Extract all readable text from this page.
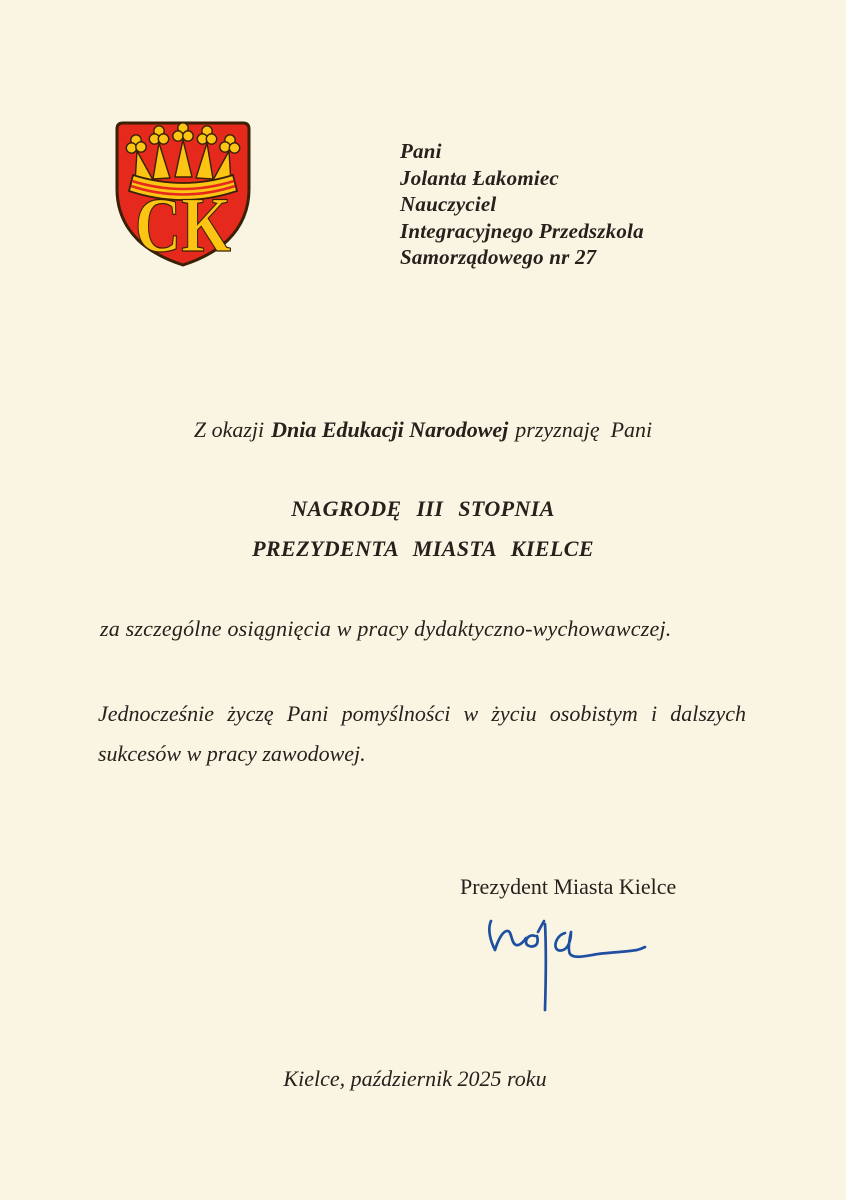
CK
Pani
Jolanta Łakomiec
Nauczyciel
Integracyjnego Przedszkola
Samorządowego nr 27
Z okazji Dnia Edukacji Narodowej przyznaję Pani
NAGRODĘ III STOPNIA
PREZYDENTA MIASTA KIELCE
za szczególne osiągnięcia w pracy dydaktyczno-wychowawczej.
Jednocześnie życzę Pani pomyślności w życiu osobistym i dalszych
sukcesów w pracy zawodowej.
Prezydent Miasta Kielce
Kielce, październik 2025 roku
